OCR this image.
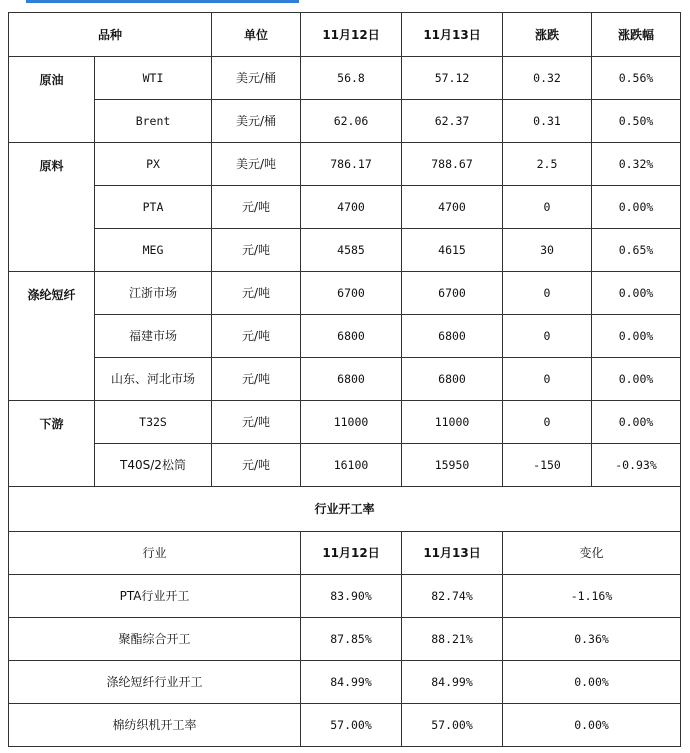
品种		单位	11月12日	11月13日	涨跌	涨跌幅
原油	WTI	美元/桶	56.8	57.12	0.32	0.56%
	Brent	美元/桶	62.06	62.37	0.31	0.50%
原料	PX	美元/吨	786.17	788.67	2.5	0.32%
	PTA	元/吨	4700	4700	0	0.00%
	MEG	元/吨	4585	4615	30	0.65%
涤纶短纤	江浙市场	元/吨	6700	6700	0	0.00%
	福建市场	元/吨	6800	6800	0	0.00%
	山东、河北市场	元/吨	6800	6800	0	0.00%
下游	T32S	元/吨	11000	11000	0	0.00%
	T40S/2松筒	元/吨	16100	15950	-150	-0.93%
行业开工率						
行业			11月12日	11月13日	变化	
PTA行业开工			83.90%	82.74%	-1.16%	
聚酯综合开工			87.85%	88.21%	0.36%	
涤纶短纤行业开工			84.99%	84.99%	0.00%	
棉纺织机开工率			57.00%	57.00%	0.00%	
